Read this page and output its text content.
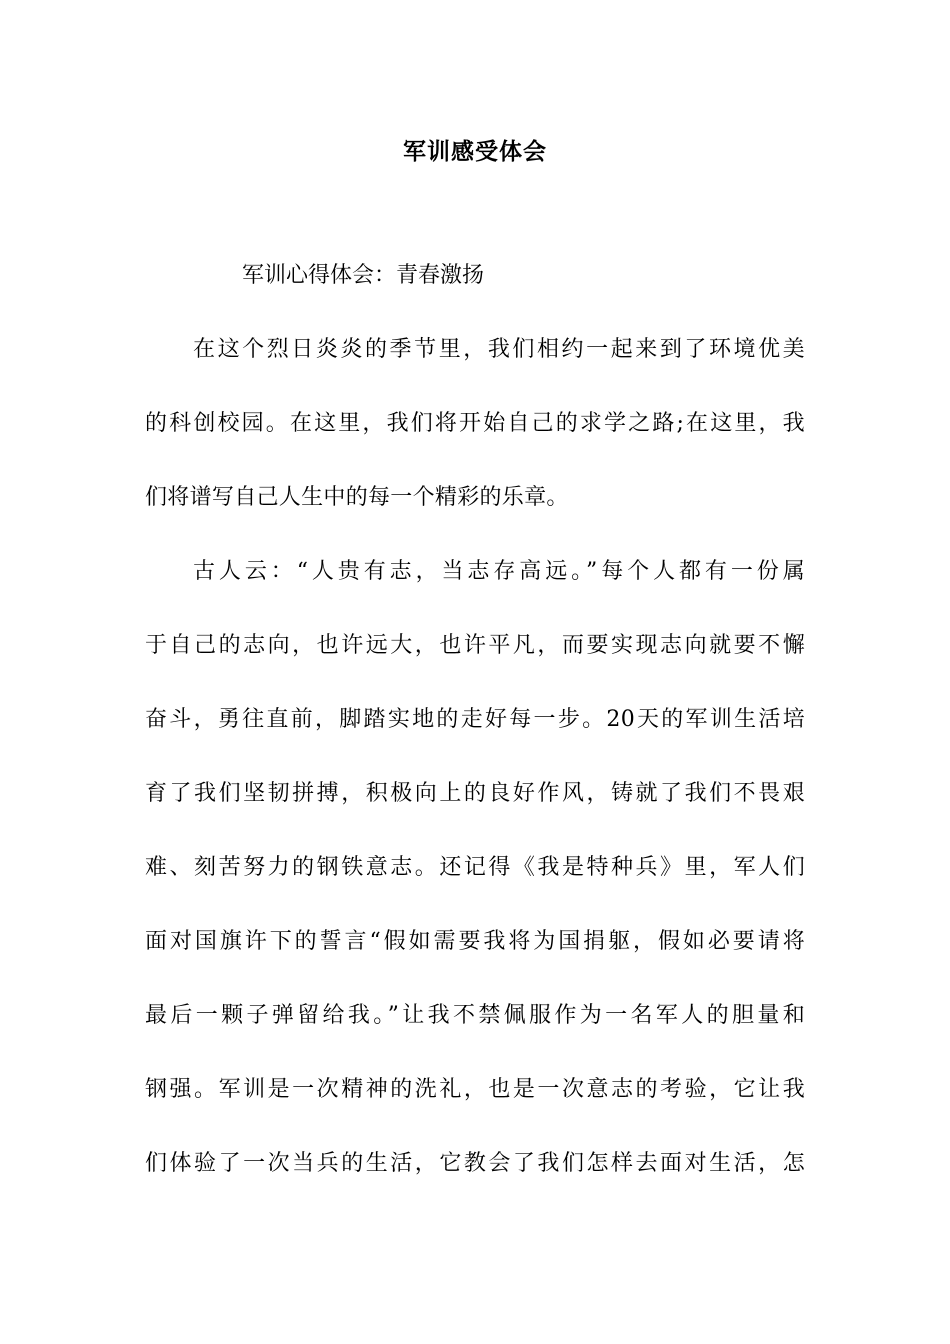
军训感受体会
军训心得体会：青春激扬
在这个烈日炎炎的季节里，我们相约一起来到了环境优美
的科创校园。在这里，我们将开始自己的求学之路;在这里，我
们将谱写自己人生中的每一个精彩的乐章。
古人云：“人贵有志，当志存高远。”每个人都有一份属
于自己的志向，也许远大，也许平凡，而要实现志向就要不懈
奋斗，勇往直前，脚踏实地的走好每一步。20天的军训生活培
育了我们坚韧拼搏，积极向上的良好作风，铸就了我们不畏艰
难、刻苦努力的钢铁意志。还记得《我是特种兵》里，军人们
面对国旗许下的誓言“假如需要我将为国捐躯，假如必要请将
最后一颗子弹留给我。”让我不禁佩服作为一名军人的胆量和
钢强。军训是一次精神的洗礼，也是一次意志的考验，它让我
们体验了一次当兵的生活，它教会了我们怎样去面对生活，怎
